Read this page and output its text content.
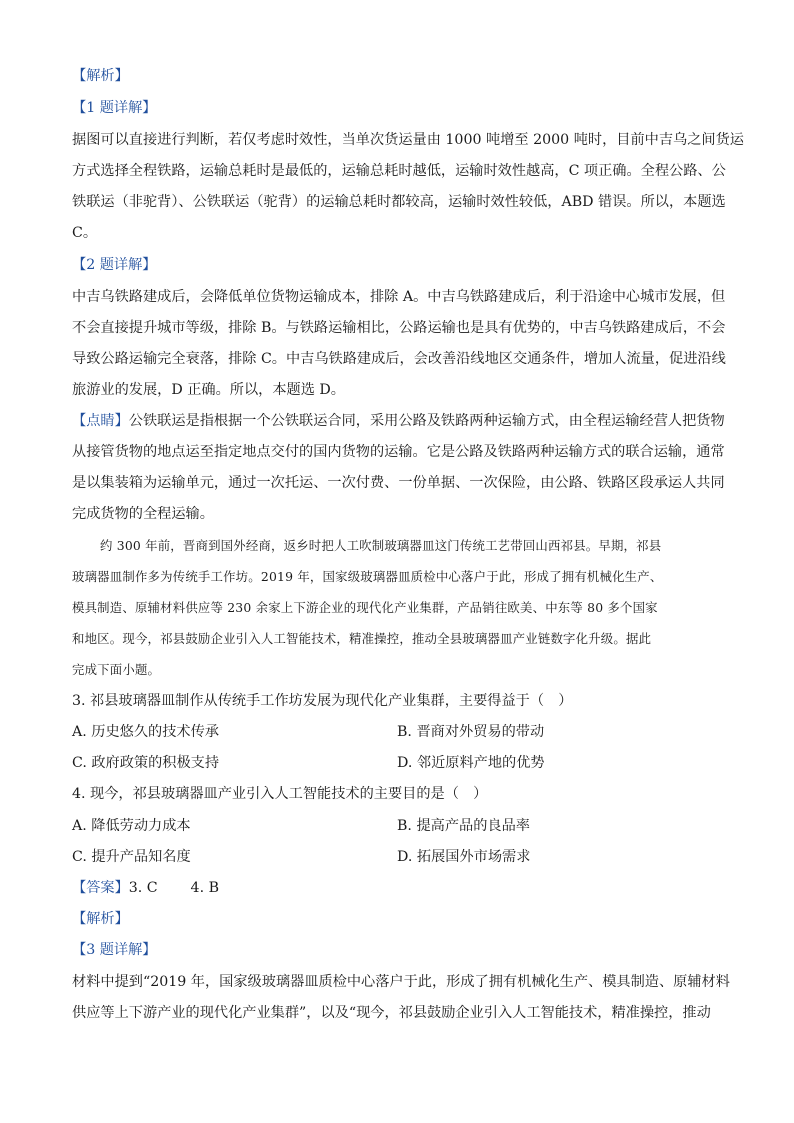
【解析】
【1 题详解】
据图可以直接进行判断，若仅考虑时效性，当单次货运量由 1000 吨增至 2000 吨时，目前中吉乌之间货运
方式选择全程铁路，运输总耗时是最低的，运输总耗时越低，运输时效性越高，C 项正确。全程公路、公
铁联运（非驼背）、公铁联运（驼背）的运输总耗时都较高，运输时效性较低，ABD 错误。所以，本题选
C。
【2 题详解】
中吉乌铁路建成后，会降低单位货物运输成本，排除 A。中吉乌铁路建成后，利于沿途中心城市发展，但
不会直接提升城市等级，排除 B。与铁路运输相比，公路运输也是具有优势的，中吉乌铁路建成后，不会
导致公路运输完全衰落，排除 C。中吉乌铁路建成后，会改善沿线地区交通条件，增加人流量，促进沿线
旅游业的发展，D 正确。所以，本题选 D。
【点睛】公铁联运是指根据一个公铁联运合同，采用公路及铁路两种运输方式，由全程运输经营人把货物
从接管货物的地点运至指定地点交付的国内货物的运输。它是公路及铁路两种运输方式的联合运输，通常
是以集装箱为运输单元，通过一次托运、一次付费、一份单据、一次保险，由公路、铁路区段承运人共同
完成货物的全程运输。
约 300 年前，晋商到国外经商，返乡时把人工吹制玻璃器皿这门传统工艺带回山西祁县。早期，祁县
玻璃器皿制作多为传统手工作坊。2019 年，国家级玻璃器皿质检中心落户于此，形成了拥有机械化生产、
模具制造、原辅材料供应等 230 余家上下游企业的现代化产业集群，产品销往欧美、中东等 80 多个国家
和地区。现今，祁县鼓励企业引入人工智能技术，精准操控，推动全县玻璃器皿产业链数字化升级。据此
完成下面小题。
3. 祁县玻璃器皿制作从传统手工作坊发展为现代化产业集群，主要得益于（　）
A. 历史悠久的技术传承	B. 晋商对外贸易的带动
C. 政府政策的积极支持	D. 邻近原料产地的优势
4. 现今，祁县玻璃器皿产业引入人工智能技术的主要目的是（　）
A. 降低劳动力成本	B. 提高产品的良品率
C. 提升产品知名度	D. 拓展国外市场需求
【答案】3. C　　 4. B
【解析】
【3 题详解】
材料中提到“2019 年，国家级玻璃器皿质检中心落户于此，形成了拥有机械化生产、模具制造、原辅材料
供应等上下游产业的现代化产业集群”，以及“现今，祁县鼓励企业引入人工智能技术，精准操控，推动
